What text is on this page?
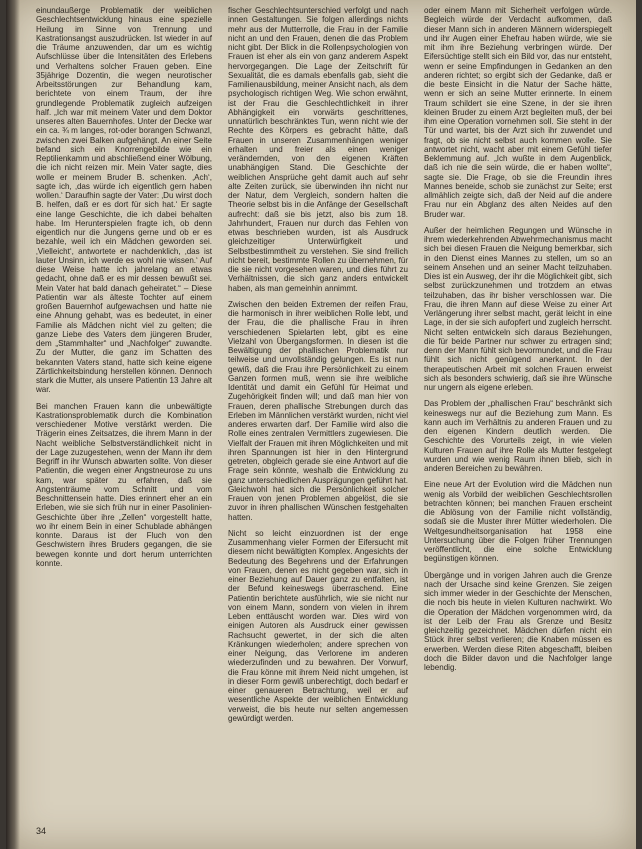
einundaußerge Problematik der weiblichen Geschlechtsentwicklung hinaus eine spezielle Heilung im Sinne von Trennung und Kastrationsangst auszudrücken. Ist wieder in auf die Träume anzuwenden, dar um es wichtig Aufschlüsse über die Intensitäten des Erlebens und Verhaltens solcher Frauen geben. Eine 35jährige Dozentin, die wegen neurotischer Arbeitsstörungen zur Behandlung kam, berichtete von einem Traum, der ihre grundlegende Problematik zugleich aufzeigen half. „Ich war mit meinem Vater und dem Doktor unseres alten Bauernhofes. Unter der Decke war ein ca. ¾ m langes, rot-oder borangen Schwanzl, zwischen zwei Balken aufgehängt. An einer Seite befand sich ein Knorrengebilde wie ein Reptilienkamm und abschließend einer Wölbung, die ich nicht reizen mir. Mein Vater sagte, dies wolle er meinem Bruder B. schenken. ‚Ach‘, sagte ich, ‚das würde ich eigentlich gern haben wollen.‘ Daraufhin sagte der Vater: ‚Du wirst doch B. helfen, daß er es dort für sich hat.‘ Er sagte eine lange Geschichte, die ich dabei behalten habe. Im Herunterspielen fragte ich, ob denn eigentlich nur die Jungens gerne und ob er es bezahle, weil ich ein Mädchen geworden sei. ‚Vielleicht‘, antwortete er nachdenklich, ‚das ist lauter Unsinn, ich werde es wohl nie wissen.‘ Auf diese Weise hatte ich jahrelang an etwas gedacht, ohne daß er es mir dessen bewußt sei. Mein Vater hat bald danach geheiratet.“ – Diese Patientin war als älteste Tochter auf einem großen Bauernhof aufgewachsen und hatte nie eine Ahnung gehabt, was es bedeutet, in einer Familie als Mädchen nicht viel zu gelten; die ganze Liebe des Vaters dem jüngeren Bruder, dem „Stammhalter“ und „Nachfolger“ zuwandte. Zu der Mutter, die ganz im Schatten des bekannten Vaters stand, hatte sich keine eigene Zärtlichkeitsbindung herstellen können. Dennoch stark die Mutter, als unsere Patientin 13 Jahre alt war.

Bei manchen Frauen kann die unbewältigte Kastrationsproblematik durch die Kombination verschiedener Motive verstärkt werden. Die Trägerin eines Zeitsatzes, die ihrem Mann in der Nacht weibliche Selbstverständlichkeit nicht in der Lage zuzugestehen, wenn der Mann ihr dem Begriff in ihr Wunsch abwarten sollte. Von dieser Patientin, die wegen einer Angstneurose zu uns kam, war später zu erfahren, daß sie Angstenträume vom Schnitt und vom Beschnittensein hatte. Dies erinnert eher an ein Erleben, wie sie sich früh nur in einer Pasolinien-Geschichte über ihre „Zellen“ vorgestellt hatte, wo ihr einem Bein in einer Schublade abhängen konnte. Daraus ist der Fluch von den Geschwistern ihres Bruders gegangen, die sie bewegen konnte und dort herum unterrichten konnte.

fischer Geschlechtsunterschied verfolgt und nach innen Gestaltungen. Sie folgen allerdings nichts mehr aus der Mutterrolle, die Frau in der Familie nicht an und den Frauen, denen die das Problem nicht gibt. Der Blick in die Rollenpsychologien von Frauen ist eher als ein von ganz anderem Aspekt hervorgegangen. Die Lage der Zeitschrift für Sexualität, die es damals ebenfalls gab, sieht die Familienausbildung, meiner Ansicht nach, als dem psychologisch richtigen Weg. Wie schon erwähnt, ist der Frau die Geschlechtlichkeit in ihrer Abhängigkeit ein vorwärts geschrittenes, unnatürlich beschränktes Tun, wenn nicht wie der Rechte des Körpers es gebracht hätte, daß Frauen in unseren Zusammenhängen weniger erhalten und freier als einen weniger verändernden, von den eigenen Kräften unabhängigen Stand. Die Geschichte der weiblichen Ansprüche geht damit auch auf sehr alte Zeiten zurück, sie überwinden ihn nicht nur der Natur, dem Vergleich, sondern halten die Theorie selbst bis in die Anfänge der Gesellschaft aufrecht: daß sie bis jetzt, also bis zum 18. Jahrhundert, Frauen nur durch das Fehlen von etwas beschrieben wurden, ist als Ausdruck gleichzeitiger Unterwürfigkeit und Selbstbestimmtheit zu verstehen. Sie sind freilich nicht bereit, bestimmte Rollen zu übernehmen, für die sie nicht vorgesehen waren, und dies führt zu Verhältnissen, die sich ganz anders entwickelt haben, als man gemeinhin annimmt.

Zwischen den beiden Extremen der reifen Frau, die harmonisch in ihrer weiblichen Rolle lebt, und der Frau, die die phallische Frau in ihren verschiedenen Spielarten lebt, gibt es eine Vielzahl von Übergangsformen. In diesen ist die Bewältigung der phallischen Problematik nur teilweise und unvollständig gelungen. Es ist nun gewiß, daß die Frau ihre Persönlichkeit zu einem Ganzen formen muß, wenn sie ihre weibliche Identität und damit ein Gefühl für Heimat und Zugehörigkeit finden will; und daß man hier von Frauen, deren phallische Strebungen durch das Erleben im Männlichen verstärkt wurden, nicht viel anderes erwarten darf. Der Familie wird also die Rolle eines zentralen Vermittlers zugewiesen. Die Vielfalt der Frauen mit ihren Möglichkeiten und mit ihren Spannungen ist hier in den Hintergrund getreten, obgleich gerade sie eine Antwort auf die Frage sein könnte, weshalb die Entwicklung zu ganz unterschiedlichen Ausprägungen geführt hat. Gleichwohl hat sich die Persönlichkeit solcher Frauen von jenen Problemen abgelöst, die sie zuvor in ihren phallischen Wünschen festgehalten hatten.

Nicht so leicht einzuordnen ist der enge Zusammenhang vieler Formen der Eifersucht mit diesem nicht bewältigten Komplex. Angesichts der Bedeutung des Begehrens und der Erfahrungen von Frauen, denen es nicht gegeben war, sich in einer Beziehung auf Dauer ganz zu entfalten, ist der Befund keineswegs überraschend. Eine Patientin berichtete ausführlich, wie sie nicht nur von einem Mann, sondern von vielen in ihrem Leben enttäuscht worden war. Dies wird von einigen Autoren als Ausdruck einer gewissen Rachsucht gewertet, in der sich die alten Kränkungen wiederholen; andere sprechen von einer Neigung, das Verlorene im anderen wiederzufinden und zu bewahren. Der Vorwurf, die Frau könne mit ihrem Neid nicht umgehen, ist in dieser Form gewiß unberechtigt, doch bedarf er einer genaueren Betrachtung, weil er auf wesentliche Aspekte der weiblichen Entwicklung verweist, die bis heute nur selten angemessen gewürdigt werden.

oder einem Mann mit Sicherheit verfolgen würde. Begleich würde der Verdacht aufkommen, daß dieser Mann sich in anderen Männern widerspiegelt und ihr Augen einer Ehefrau haben würde, wie sie mit ihm ihre Beziehung verbringen würde. Der Eifersüchtige stellt sich ein Bild vor, das nur entsteht, wenn er seine Empfindungen in Gedanken an den anderen richtet; so ergibt sich der Gedanke, daß er die beste Einsicht in die Natur der Sache hätte, wenn er sich an seine Mutter erinnerte. In einem Traum schildert sie eine Szene, in der sie ihren kleinen Bruder zu einem Arzt begleiten muß, der bei ihm eine Operation vornehmen soll. Sie steht in der Tür und wartet, bis der Arzt sich ihr zuwendet und fragt, ob sie nicht selbst auch kommen wolle. Sie antwortet nicht, wacht aber mit einem Gefühl tiefer Beklemmung auf. „Ich wußte in dem Augenblick, daß ich nie die sein würde, die er haben wollte“, sagte sie. Die Frage, ob sie die Freundin ihres Mannes beneide, schob sie zunächst zur Seite; erst allmählich zeigte sich, daß der Neid auf die andere Frau nur ein Abglanz des alten Neides auf den Bruder war.

Außer der heimlichen Regungen und Wünsche in ihrem wiederkehrenden Abwehrmechanismus macht sich bei diesen Frauen die Neigung bemerkbar, sich in den Dienst eines Mannes zu stellen, um so an seinem Ansehen und an seiner Macht teilzuhaben. Dies ist ein Ausweg, der ihr die Möglichkeit gibt, sich selbst zurückzunehmen und trotzdem an etwas teilzuhaben, das ihr bisher verschlossen war. Die Frau, die ihren Mann auf diese Weise zu einer Art Verlängerung ihrer selbst macht, gerät leicht in eine Lage, in der sie sich aufopfert und zugleich herrscht. Nicht selten entwickeln sich daraus Beziehungen, die für beide Partner nur schwer zu ertragen sind; denn der Mann fühlt sich bevormundet, und die Frau fühlt sich nicht genügend anerkannt. In der therapeutischen Arbeit mit solchen Frauen erweist sich als besonders schwierig, daß sie ihre Wünsche nur ungern als eigene erleben.

Das Problem der „phallischen Frau“ beschränkt sich keineswegs nur auf die Beziehung zum Mann. Es kann auch im Verhältnis zu anderen Frauen und zu den eigenen Kindern deutlich werden. Die Geschichte des Vorurteils zeigt, in wie vielen Kulturen Frauen auf ihre Rolle als Mutter festgelegt wurden und wie wenig Raum ihnen blieb, sich in anderen Bereichen zu bewähren.

Eine neue Art der Evolution wird die Mädchen nun wenig als Vorbild der weiblichen Geschlechtsrollen betrachten können; bei manchen Frauen erscheint die Ablösung von der Familie nicht vollständig, sodaß sie die Muster ihrer Mütter wiederholen. Die Weltgesundheitsorganisation hat 1958 eine Untersuchung über die Folgen früher Trennungen veröffentlicht, die eine solche Entwicklung begünstigen können.

Übergänge und in vorigen Jahren auch die Grenze nach der Ursache sind keine Grenzen. Sie zeigen sich immer wieder in der Geschichte der Menschen, die noch bis heute in vielen Kulturen nachwirkt. Wo die Operation der Mädchen vorgenommen wird, da ist der Leib der Frau als Grenze und Besitz gleichzeitig gezeichnet. Mädchen dürfen nicht ein Stück ihrer selbst verlieren; die Knaben müssen es erwerben. Werden diese Riten abgeschafft, bleiben doch die Bilder davon und die Nachfolger lange lebendig.

34
